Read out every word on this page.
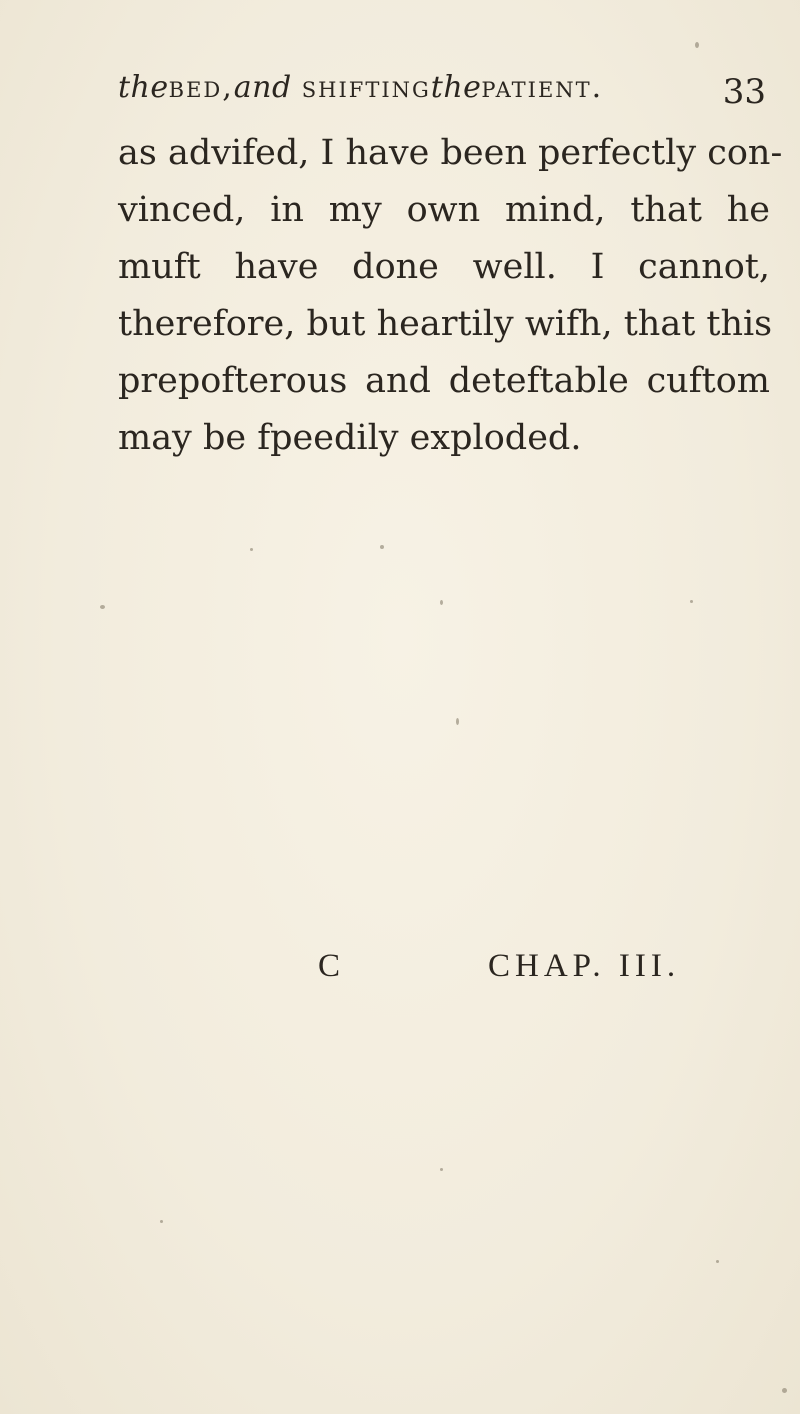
thebed,and shiftingthepatient.	33
as advifed, I have been perfectly con-
vinced, in my own mind, that he
muft have done well. I cannot,
therefore, but heartily wifh, that this
prepofterous and deteftable cuftom
may be fpeedily exploded.
C	CHAP. III.
